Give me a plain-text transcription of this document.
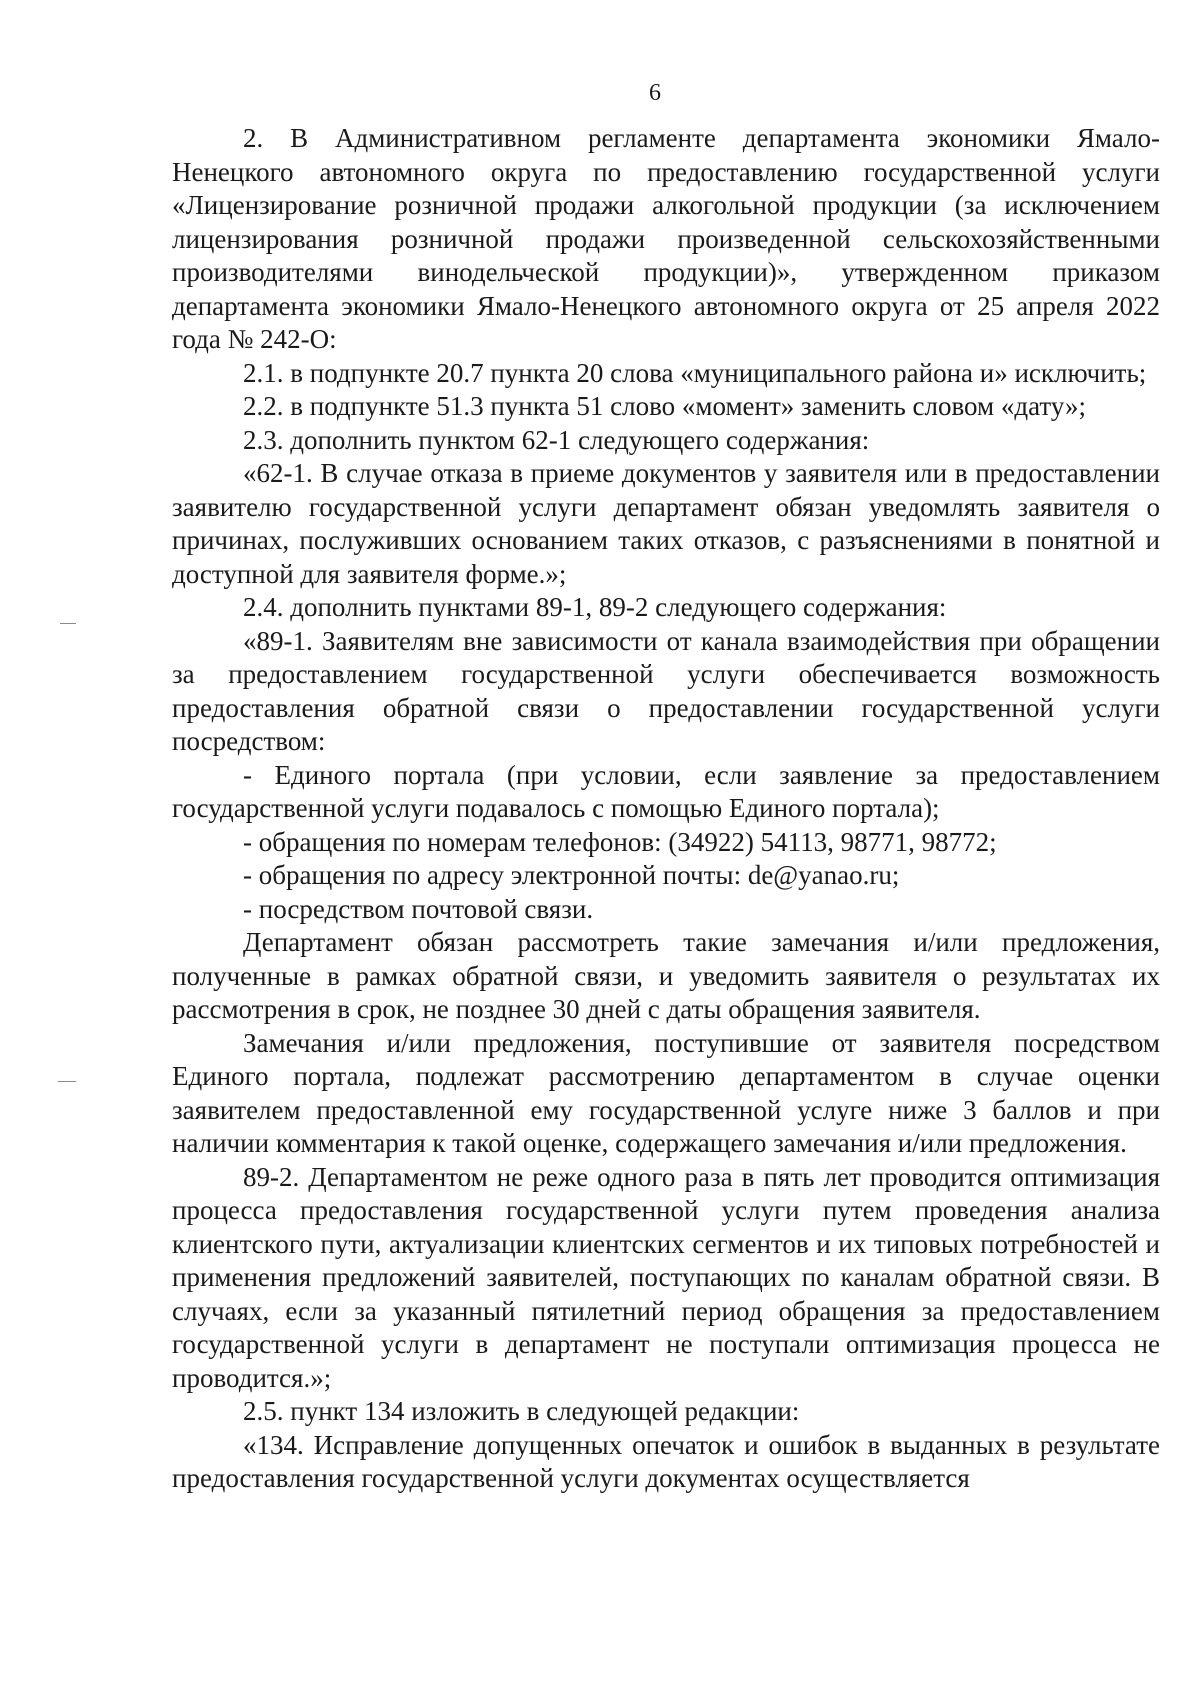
6

2. В Административном регламенте департамента экономики Ямало-Ненецкого автономного округа по предоставлению государственной услуги «Лицензирование розничной продажи алкогольной продукции (за исключением лицензирования розничной продажи произведенной сельскохозяйственными производителями винодельческой продукции)», утвержденном приказом департамента экономики Ямало-Ненецкого автономного округа от 25 апреля 2022 года № 242-О:

2.1. в подпункте 20.7 пункта 20 слова «муниципального района и» исключить;

2.2. в подпункте 51.3 пункта 51 слово «момент» заменить словом «дату»;

2.3. дополнить пунктом 62-1 следующего содержания:

«62-1. В случае отказа в приеме документов у заявителя или в предоставлении заявителю государственной услуги департамент обязан уведомлять заявителя о причинах, послуживших основанием таких отказов, с разъяснениями в понятной и доступной для заявителя форме.»;

2.4. дополнить пунктами 89-1, 89-2 следующего содержания:

«89-1. Заявителям вне зависимости от канала взаимодействия при обращении за предоставлением государственной услуги обеспечивается возможность предоставления обратной связи о предоставлении государственной услуги посредством:

- Единого портала (при условии, если заявление за предоставлением государственной услуги подавалось с помощью Единого портала);

- обращения по номерам телефонов: (34922) 54113, 98771, 98772;

- обращения по адресу электронной почты: de@yanao.ru;

- посредством почтовой связи.

Департамент обязан рассмотреть такие замечания и/или предложения, полученные в рамках обратной связи, и уведомить заявителя о результатах их рассмотрения в срок, не позднее 30 дней с даты обращения заявителя.

Замечания и/или предложения, поступившие от заявителя посредством Единого портала, подлежат рассмотрению департаментом в случае оценки заявителем предоставленной ему государственной услуге ниже 3 баллов и при наличии комментария к такой оценке, содержащего замечания и/или предложения.

89-2. Департаментом не реже одного раза в пять лет проводится оптимизация процесса предоставления государственной услуги путем проведения анализа клиентского пути, актуализации клиентских сегментов и их типовых потребностей и применения предложений заявителей, поступающих по каналам обратной связи. В случаях, если за указанный пятилетний период обращения за предоставлением государственной услуги в департамент не поступали оптимизация процесса не проводится.»;

2.5. пункт 134 изложить в следующей редакции:

«134. Исправление допущенных опечаток и ошибок в выданных в результате предоставления государственной услуги документах осуществляется
